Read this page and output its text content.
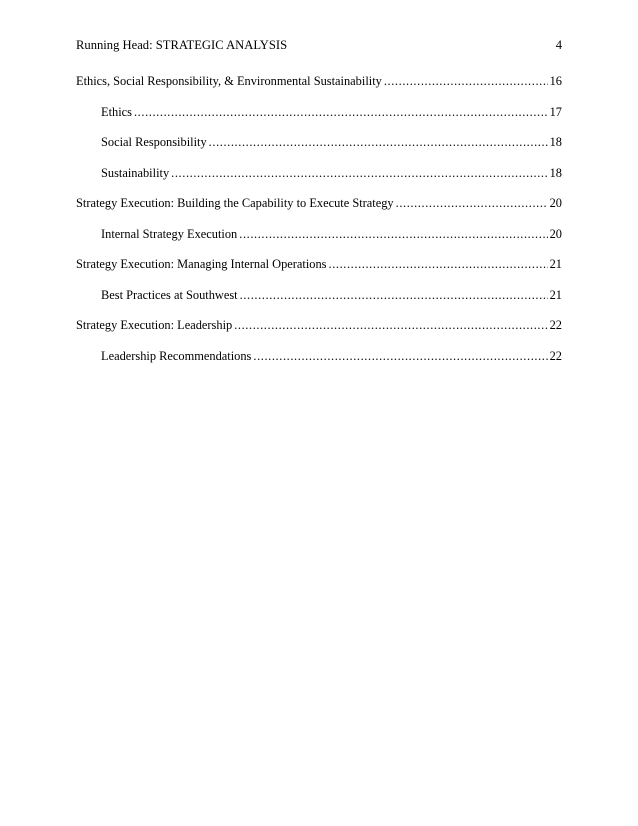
Running Head: STRATEGIC ANALYSIS	4
Ethics, Social Responsibility, & Environmental Sustainability .....	16
Ethics .....	17
Social Responsibility .....	18
Sustainability .....	18
Strategy Execution: Building the Capability to Execute Strategy .....	20
Internal Strategy Execution .....	20
Strategy Execution: Managing Internal Operations .....	21
Best Practices at Southwest .....	21
Strategy Execution: Leadership .....	22
Leadership Recommendations .....	22
